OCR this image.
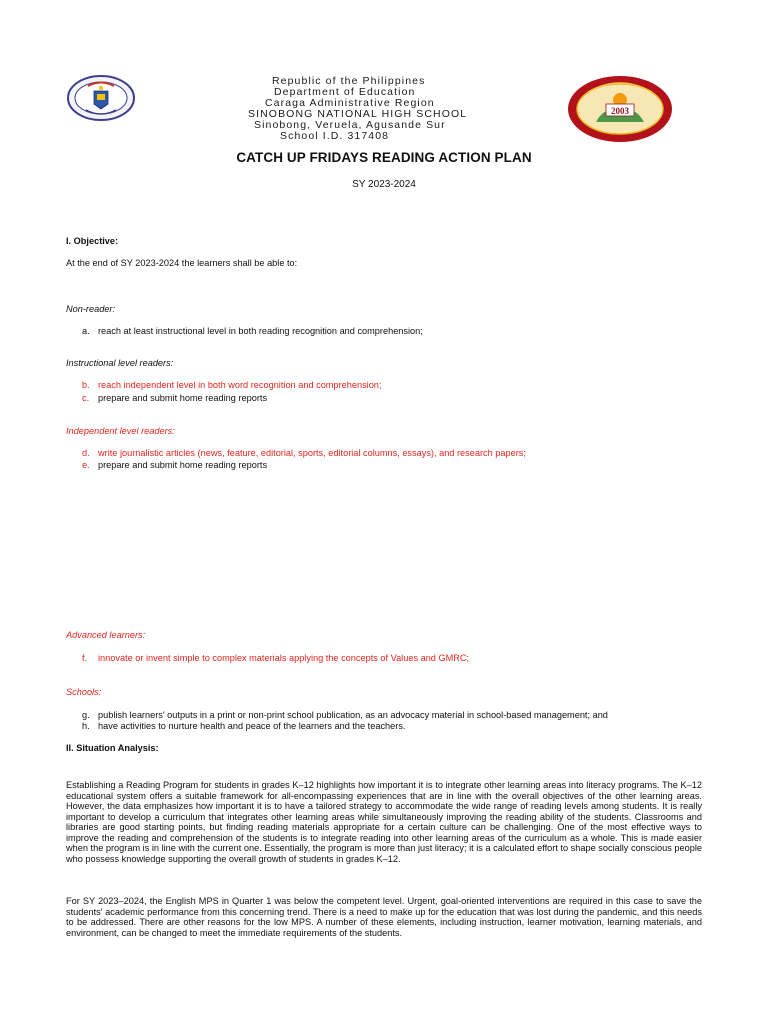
2003
Republic of the Philippines
Department of Education
Caraga Administrative Region
SINOBONG NATIONAL HIGH SCHOOL
Sinobong, Veruela, Agusande Sur
School I.D. 317408
CATCH UP FRIDAYS READING ACTION PLAN
SY 2023-2024
I. Objective:
At the end of SY 2023-2024 the learners shall be able to:
Non-reader:
a. reach at least instructional level in both reading recognition and comprehension;
Instructional level readers:
b. reach independent level in both word recognition and comprehension;
c. prepare and submit home reading reports
Independent level readers:
d. write journalistic articles (news, feature, editorial, sports, editorial columns, essays), and research papers;
e. prepare and submit home reading reports
Advanced learners:
f.	innovate or invent simple to complex materials applying the concepts of Values and GMRC;
Schools:
g. publish learners' outputs in a print or non-print school publication, as an advocacy material in school-based management; and
h. have activities to nurture health and peace of the learners and the teachers.
II. Situation Analysis:
Establishing a Reading Program for students in grades K–12 highlights how important it is to integrate other learning areas into literacy programs. The K–12 educational system offers a suitable framework for all-encompassing experiences that are in line with the overall objectives of the other learning areas. However, the data emphasizes how important it is to have a tailored strategy to accommodate the wide range of reading levels among students. It is really important to develop a curriculum that integrates other learning areas while simultaneously improving the reading ability of the students. Classrooms and libraries are good starting points, but finding reading materials appropriate for a certain culture can be challenging. One of the most effective ways to improve the reading and comprehension of the students is to integrate reading into other learning areas of the curriculum as a whole. This is made easier when the program is in line with the current one. Essentially, the program is more than just literacy; it is a calculated effort to shape socially conscious people who possess knowledge supporting the overall growth of students in grades K–12.
For SY 2023–2024, the English MPS in Quarter 1 was below the competent level. Urgent, goal-oriented interventions are required in this case to save the students' academic performance from this concerning trend. There is a need to make up for the education that was lost during the pandemic, and this needs to be addressed. There are other reasons for the low MPS. A number of these elements, including instruction, learner motivation, learning materials, and environment, can be changed to meet the immediate requirements of the students.
